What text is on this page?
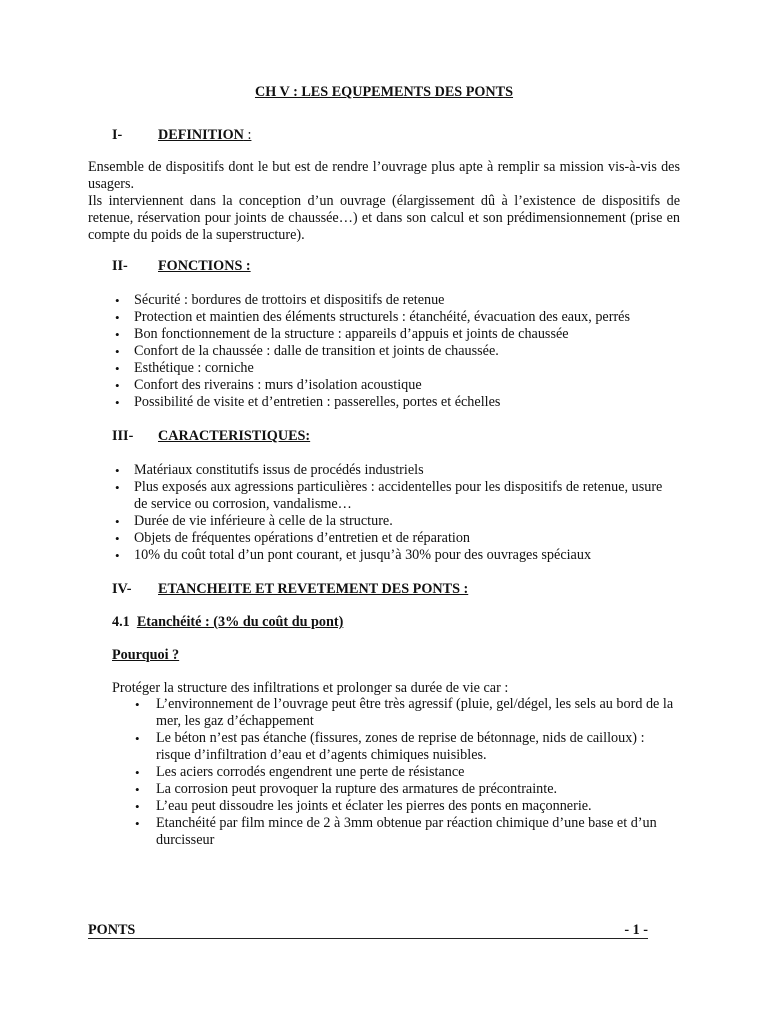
CH V : LES EQUPEMENTS DES PONTS
I-	DEFINITION :

Ensemble de dispositifs dont le but est de rendre l’ouvrage plus apte à remplir sa mission vis-à-vis des usagers.

Ils interviennent dans la conception d’un ouvrage (élargissement dû à l’existence de dispositifs de retenue, réservation pour joints de chaussée…) et dans son calcul et son prédimensionnement (prise en compte du poids de la superstructure).

II- FONCTIONS :
• Sécurité : bordures de trottoirs et dispositifs de retenue
• Protection et maintien des éléments structurels : étanchéité, évacuation des eaux, perrés
• Bon fonctionnement de la structure : appareils d’appuis et joints de chaussée
• Confort de la chaussée : dalle de transition et joints de chaussée.
• Esthétique : corniche
• Confort des riverains : murs d’isolation acoustique
• Possibilité de visite et d’entretien : passerelles, portes et échelles
III- CARACTERISTIQUES:
• Matériaux constitutifs issus de procédés industriels
• Plus exposés aux agressions particulières : accidentelles pour les dispositifs de retenue, usure de service ou corrosion, vandalisme…
• Durée de vie inférieure à celle de la structure.
• Objets de fréquentes opérations d’entretien et de réparation
• 10% du coût total d’un pont courant, et jusqu’à 30% pour des ouvrages spéciaux
IV- ETANCHEITE ET REVETEMENT DES PONTS :
4.1 Etanchéité : (3% du coût du pont)
Pourquoi ?
Protéger la structure des infiltrations et prolonger sa durée de vie car :
• L’environnement de l’ouvrage peut être très agressif (pluie, gel/dégel, les sels au bord de la mer, les gaz d’échappement
• Le béton n’est pas étanche (fissures, zones de reprise de bétonnage, nids de cailloux) : risque d’infiltration d’eau et d’agents chimiques nuisibles.
• Les aciers corrodés engendrent une perte de résistance
• La corrosion peut provoquer la rupture des armatures de précontrainte.
• L’eau peut dissoudre les joints et éclater les pierres des ponts en maçonnerie.
• Etanchéité par film mince de 2 à 3mm obtenue par réaction chimique d’une base et d’un durcisseur
PONTS	- 1 -
